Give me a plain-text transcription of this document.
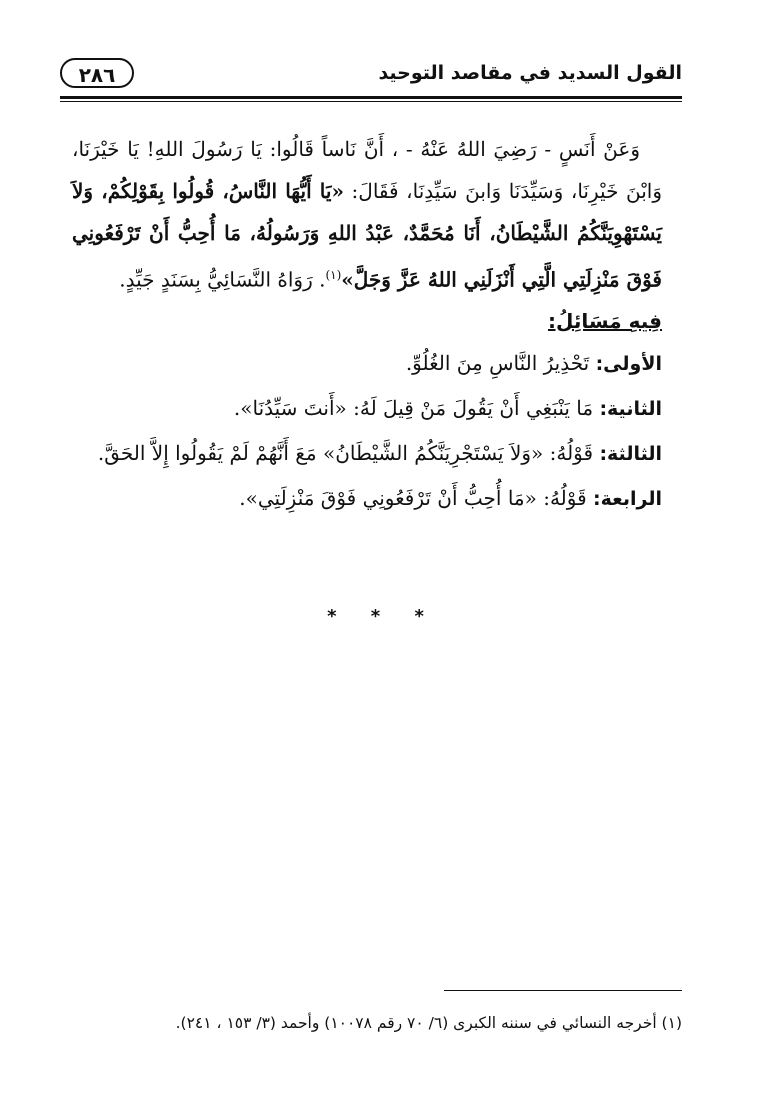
القول السديد في مقاصد التوحيد
٢٨٦

وَعَنْ أَنَسٍ - رَضِيَ اللهُ عَنْهُ - ، أَنَّ نَاساً قَالُوا: يَا رَسُولَ اللهِ! يَا خَيْرَنَا، وَابْنَ خَيْرِنَا، وَسَيِّدَنَا وَابنَ سَيِّدِنَا، فَقَالَ: «يَا أَيُّهَا النَّاسُ، قُولُوا بِقَوْلِكُمْ، وَلاَ يَسْتَهْوِيَنَّكُمُ الشَّيْطَانُ، أَنَا مُحَمَّدٌ، عَبْدُ اللهِ وَرَسُولُهُ، مَا أُحِبُّ أَنْ تَرْفَعُونِي فَوْقَ مَنْزِلَتِي الَّتِي أَنْزَلَنِي اللهُ عَزَّ وَجَلَّ»$^{(١)}$. رَوَاهُ النَّسَائِيُّ بِسَنَدٍ جَيِّدٍ.

فِيهِ مَسَائِلُ:

الأولى: تَحْذِيرُ النَّاسِ مِنَ الغُلُوِّ.
الثانية: مَا يَنْبَغِي أَنْ يَقُولَ مَنْ قِيلَ لَهُ: «أَنتَ سَيِّدُنَا».
الثالثة: قَوْلُهُ: «وَلاَ يَسْتَجْرِيَنَّكُمُ الشَّيْطَانُ» مَعَ أَنَّهُمْ لَمْ يَقُولُوا إِلاَّ الحَقَّ.
الرابعة: قَوْلُهُ: «مَا أُحِبُّ أَنْ تَرْفَعُونِي فَوْقَ مَنْزِلَتِي».
* * *
(١) أخرجه النسائي في سننه الكبرى (٦/ ٧٠ رقم ١٠٠٧٨) وأحمد (٣/ ١٥٣ ، ٢٤١).
